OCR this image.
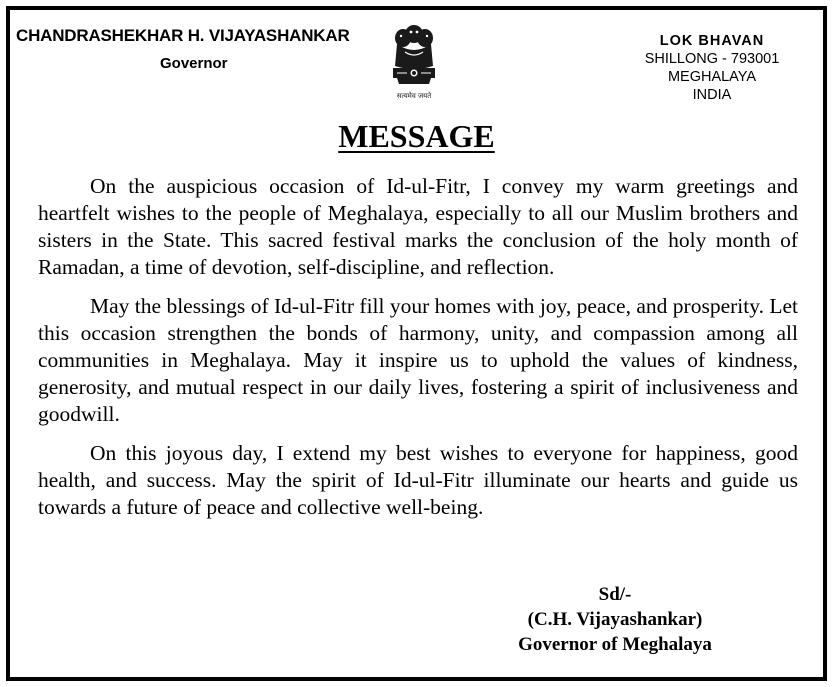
CHANDRASHEKHAR H. VIJAYASHANKAR
Governor
सत्यमेव जयते
LOK BHAVAN
SHILLONG - 793001
MEGHALAYA
INDIA
MESSAGE

On the auspicious occasion of Id-ul-Fitr, I convey my warm greetings and heartfelt wishes to the people of Meghalaya, especially to all our Muslim brothers and sisters in the State. This sacred festival marks the conclusion of the holy month of Ramadan, a time of devotion, self-discipline, and reflection.

May the blessings of Id-ul-Fitr fill your homes with joy, peace, and prosperity. Let this occasion strengthen the bonds of harmony, unity, and compassion among all communities in Meghalaya. May it inspire us to uphold the values of kindness, generosity, and mutual respect in our daily lives, fostering a spirit of inclusiveness and goodwill.

On this joyous day, I extend my best wishes to everyone for happiness, good health, and success. May the spirit of Id-ul-Fitr illuminate our hearts and guide us towards a future of peace and collective well-being.

Sd/-
(C.H. Vijayashankar)
Governor of Meghalaya
